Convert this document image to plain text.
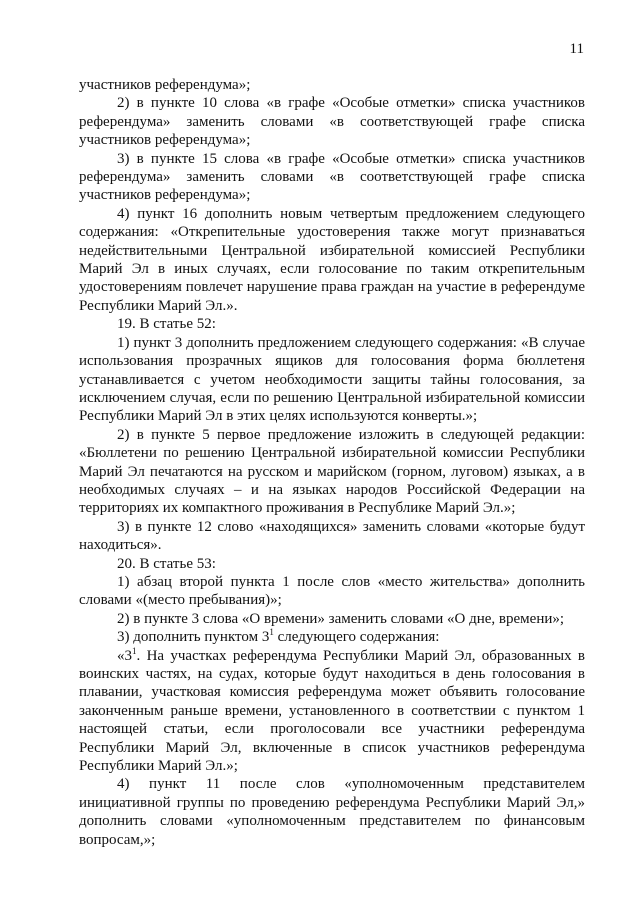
11

участников референдума»;

2) в пункте 10 слова «в графе «Особые отметки» списка участников референдума» заменить словами «в соответствующей графе списка участников референдума»;

3) в пункте 15 слова «в графе «Особые отметки» списка участников референдума» заменить словами «в соответствующей графе списка участников референдума»;

4) пункт 16 дополнить новым четвертым предложением следующего содержания: «Открепительные удостоверения также могут признаваться недействительными Центральной избирательной комиссией Республики Марий Эл в иных случаях, если голосование по таким открепительным удостоверениям повлечет нарушение права граждан на участие в референдуме Республики Марий Эл.».

19. В статье 52:

1) пункт 3 дополнить предложением следующего содержания: «В случае использования прозрачных ящиков для голосования форма бюллетеня устанавливается с учетом необходимости защиты тайны голосования, за исключением случая, если по решению Центральной избирательной комиссии Республики Марий Эл в этих целях используются конверты.»;

2) в пункте 5 первое предложение изложить в следующей редакции: «Бюллетени по решению Центральной избирательной комиссии Республики Марий Эл печатаются на русском и марийском (горном, луговом) языках, а в необходимых случаях – и на языках народов Российской Федерации на территориях их компактного проживания в Республике Марий Эл.»;

3) в пункте 12 слово «находящихся» заменить словами «которые будут находиться».

20. В статье 53:

1) абзац второй пункта 1 после слов «место жительства» дополнить словами «(место пребывания)»;

2) в пункте 3 слова «О времени» заменить словами «О дне, времени»;

3) дополнить пунктом $3^1$ следующего содержания:

«$3^1$. На участках референдума Республики Марий Эл, образованных в воинских частях, на судах, которые будут находиться в день голосования в плавании, участковая комиссия референдума может объявить голосование законченным раньше времени, установленного в соответствии с пунктом 1 настоящей статьи, если проголосовали все участники референдума Республики Марий Эл, включенные в список участников референдума Республики Марий Эл.»;

4) пункт 11 после слов «уполномоченным представителем инициативной группы по проведению референдума Республики Марий Эл,» дополнить словами «уполномоченным представителем по финансовым вопросам,»;
